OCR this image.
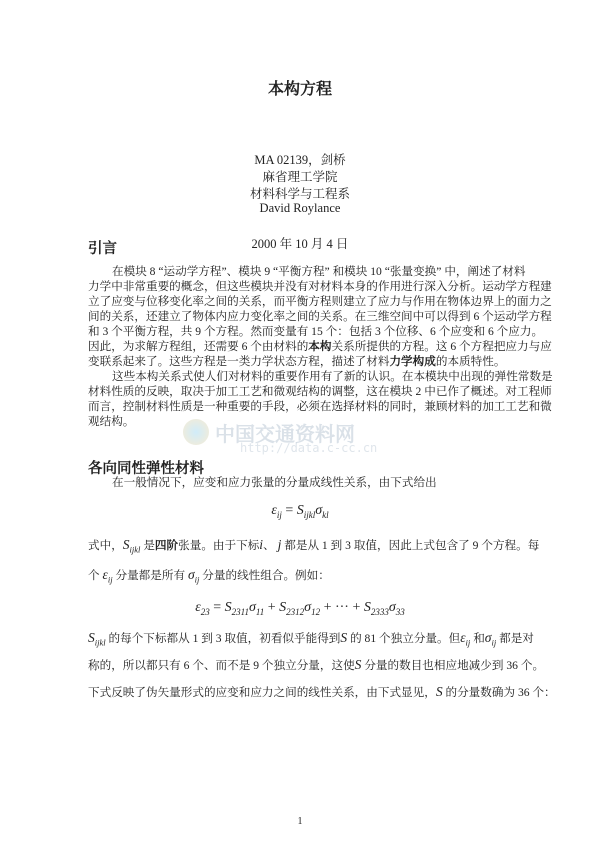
本构方程
MA 02139，剑桥
麻省理工学院
材料科学与工程系
David Roylance
2000 年 10 月 4 日
引言
中国交通资料网
http://data.c-cc.cn
在模块 8 “运动学方程”、模块 9 “平衡方程” 和模块 10 “张量变换” 中，阐述了材料
力学中非常重要的概念，但这些模块并没有对材料本身的作用进行深入分析。运动学方程建
立了应变与位移变化率之间的关系，而平衡方程则建立了应力与作用在物体边界上的面力之
间的关系，还建立了物体内应力变化率之间的关系。在三维空间中可以得到 6 个运动学方程
和 3 个平衡方程，共 9 个方程。然而变量有 15 个：包括 3 个位移、6 个应变和 6 个应力。
因此，为求解方程组，还需要 6 个由材料的本构关系所提供的方程。这 6 个方程把应力与应
变联系起来了。这些方程是一类力学状态方程，描述了材料力学构成的本质特性。
这些本构关系式使人们对材料的重要作用有了新的认识。在本模块中出现的弹性常数是
材料性质的反映，取决于加工工艺和微观结构的调整，这在模块 2 中已作了概述。对工程师
而言，控制材料性质是一种重要的手段，必须在选择材料的同时，兼顾材料的加工工艺和微
观结构。
各向同性弹性材料
在一般情况下，应变和应力张量的分量成线性关系，由下式给出
$\varepsilon_{ij} = S_{ijkl}\sigma_{kl}$
式中，$S_{ijkl}$ 是四阶张量。由于下标i、 j 都是从 1 到 3 取值，因此上式包含了 9 个方程。每
个 $\varepsilon_{ij}$ 分量都是所有 $\sigma_{ij}$ 分量的线性组合。例如：
$\varepsilon_{23} = S_{2311}\sigma_{11} + S_{2312}\sigma_{12}$ + ··· + $S_{2333}\sigma_{33}$
$S_{ijkl}$ 的每个下标都从 1 到 3 取值，初看似乎能得到S 的 81 个独立分量。但$\varepsilon_{ij}$ 和$\sigma_{ij}$ 都是对
称的，所以都只有 6 个、而不是 9 个独立分量，这使S 分量的数目也相应地减少到 36 个。
下式反映了伪矢量形式的应变和应力之间的线性关系，由下式显见，S 的分量数确为 36 个：
1
